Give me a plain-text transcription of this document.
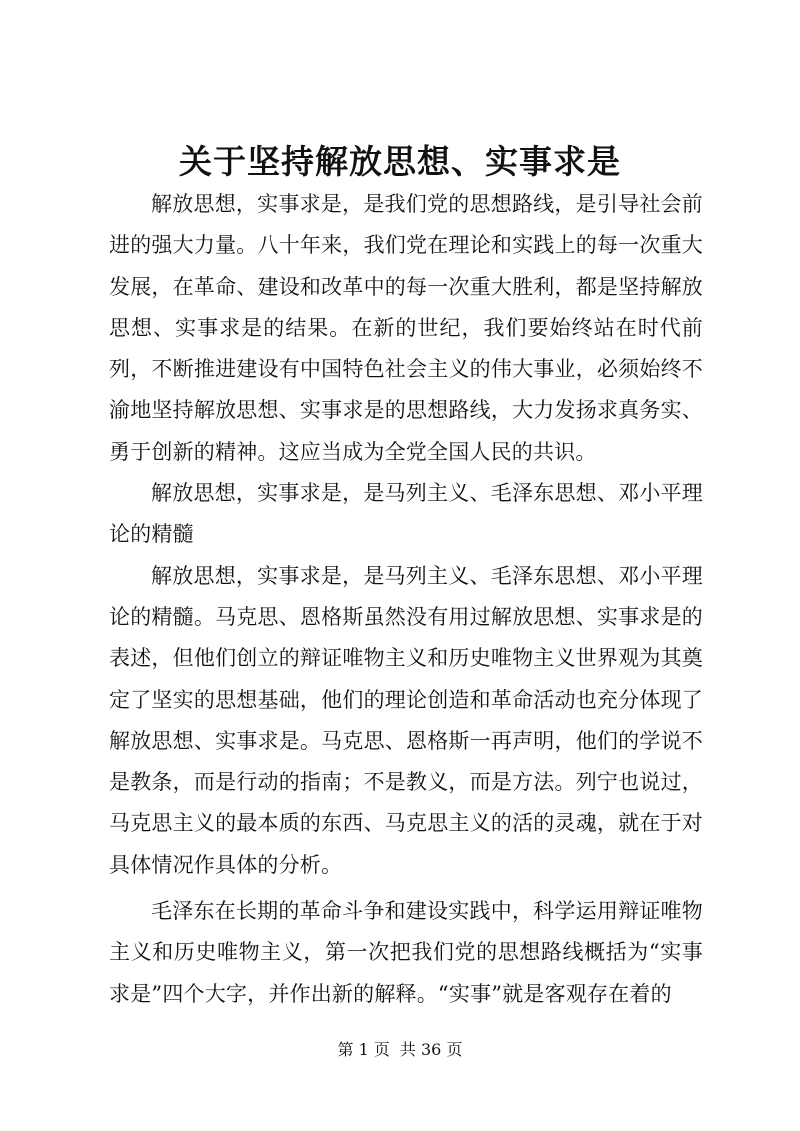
关于坚持解放思想、实事求是

解放思想，实事求是，是我们党的思想路线，是引导社会前进的强大力量。八十年来，我们党在理论和实践上的每一次重大发展，在革命、建设和改革中的每一次重大胜利，都是坚持解放思想、实事求是的结果。在新的世纪，我们要始终站在时代前列，不断推进建设有中国特色社会主义的伟大事业，必须始终不渝地坚持解放思想、实事求是的思想路线，大力发扬求真务实、勇于创新的精神。这应当成为全党全国人民的共识。

解放思想，实事求是，是马列主义、毛泽东思想、邓小平理论的精髓

解放思想，实事求是，是马列主义、毛泽东思想、邓小平理论的精髓。马克思、恩格斯虽然没有用过解放思想、实事求是的表述，但他们创立的辩证唯物主义和历史唯物主义世界观为其奠定了坚实的思想基础，他们的理论创造和革命活动也充分体现了解放思想、实事求是。马克思、恩格斯一再声明，他们的学说不是教条，而是行动的指南；不是教义，而是方法。列宁也说过，马克思主义的最本质的东西、马克思主义的活的灵魂，就在于对具体情况作具体的分析。

毛泽东在长期的革命斗争和建设实践中，科学运用辩证唯物主义和历史唯物主义，第一次把我们党的思想路线概括为“实事求是”四个大字，并作出新的解释。“实事”就是客观存在着的

第 1 页 共 36 页
